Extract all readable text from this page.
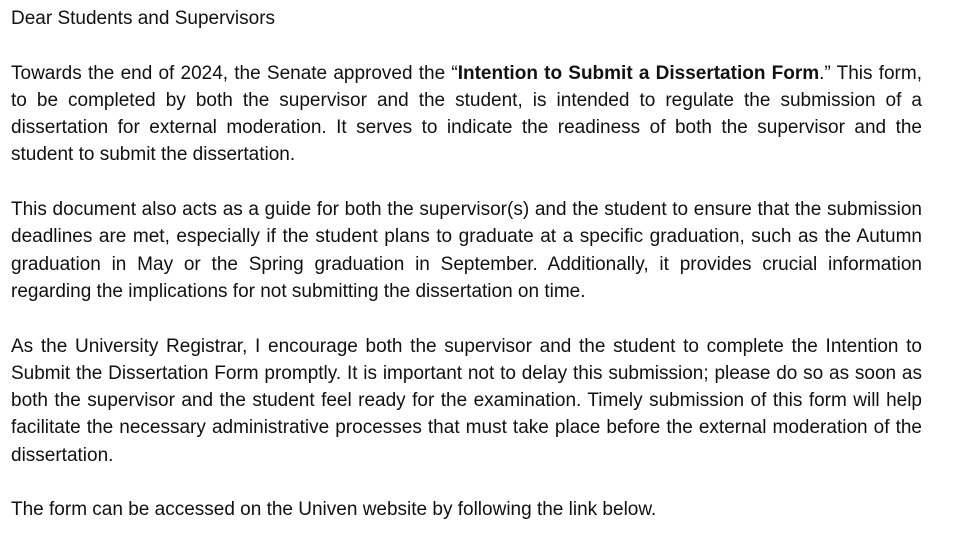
Dear Students and Supervisors

Towards the end of 2024, the Senate approved the “Intention to Submit a Dissertation Form.” This form, to be completed by both the supervisor and the student, is intended to regulate the submission of a dissertation for external moderation. It serves to indicate the readiness of both the supervisor and the student to submit the dissertation.

This document also acts as a guide for both the supervisor(s) and the student to ensure that the submission deadlines are met, especially if the student plans to graduate at a specific graduation, such as the Autumn graduation in May or the Spring graduation in September. Additionally, it provides crucial information regarding the implications for not submitting the dissertation on time.

As the University Registrar, I encourage both the supervisor and the student to complete the Intention to Submit the Dissertation Form promptly. It is important not to delay this submission; please do so as soon as both the supervisor and the student feel ready for the examination. Timely submission of this form will help facilitate the necessary administrative processes that must take place before the external moderation of the dissertation.

The form can be accessed on the Univen website by following the link below.
